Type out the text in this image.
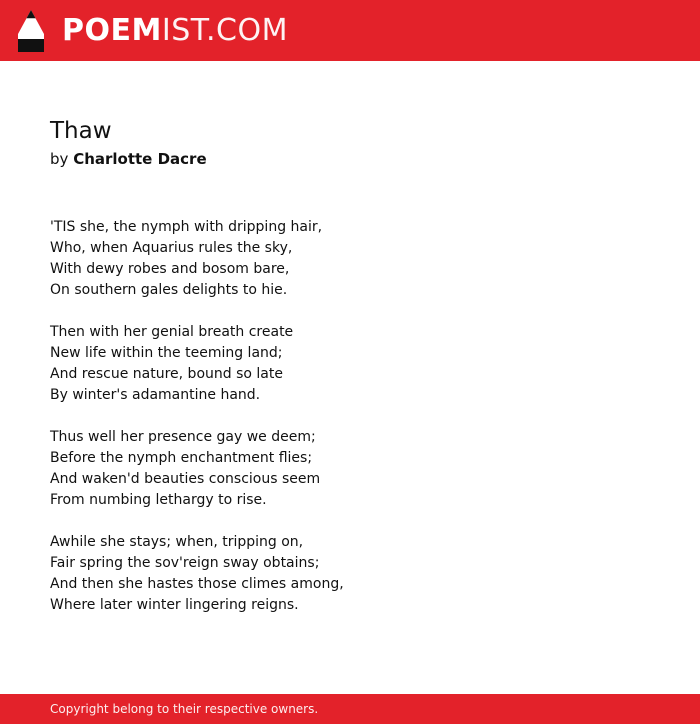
POEM IST.COM
Thaw
by Charlotte Dacre

'TIS she, the nymph with dripping hair,
Who, when Aquarius rules the sky,
With dewy robes and bosom bare,
On southern gales delights to hie.

Then with her genial breath create
New life within the teeming land;
And rescue nature, bound so late
By winter's adamantine hand.

Thus well her presence gay we deem;
Before the nymph enchantment flies;
And waken'd beauties conscious seem
From numbing lethargy to rise.

Awhile she stays; when, tripping on,
Fair spring the sov'reign sway obtains;
And then she hastes those climes among,
Where later winter lingering reigns.

Copyright belong to their respective owners.
